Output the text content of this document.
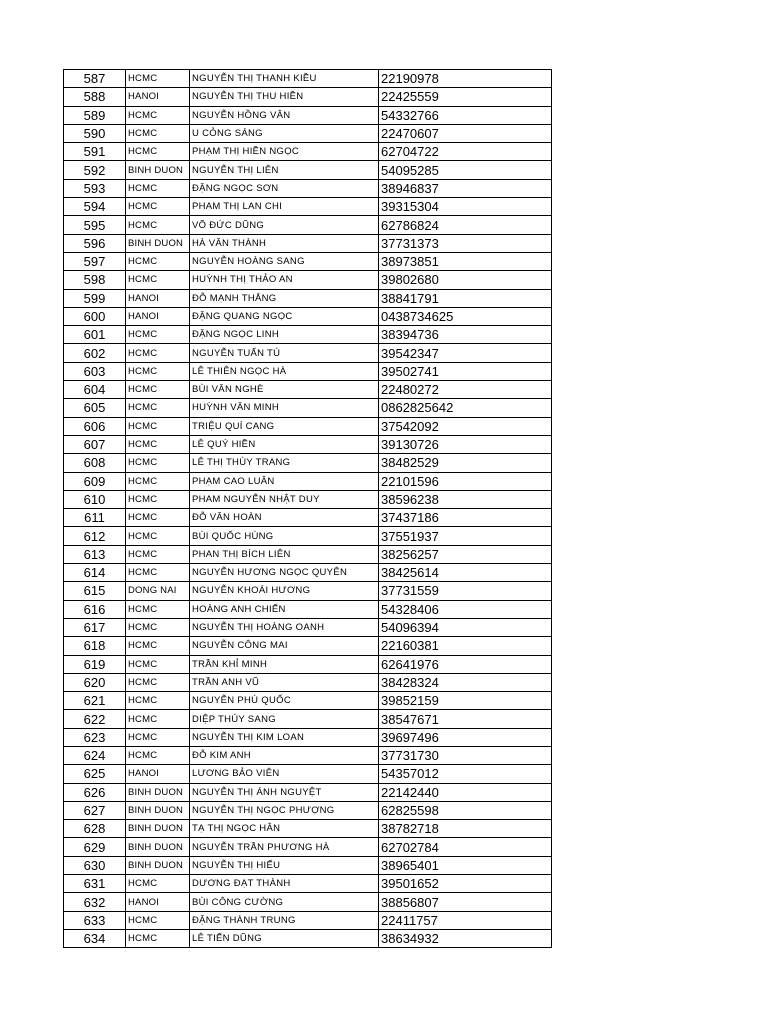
587	HCMC	NGUYỄN THỊ THANH KIỀU	22190978
588	HANOI	NGUYỄN THỊ THU HIỀN	22425559
589	HCMC	NGUYỄN HỒNG VÂN	54332766
590	HCMC	U CỎNG SÁNG	22470607
591	HCMC	PHẠM THỊ HIỀN NGỌC	62704722
592	BINH DUON	NGUYỄN THỊ LIÊN	54095285
593	HCMC	ĐẶNG NGỌC SƠN	38946837
594	HCMC	PHAM THỊ LAN CHI	39315304
595	HCMC	VÕ ĐỨC DŨNG	62786824
596	BINH DUON	HÀ VĂN THÀNH	37731373
597	HCMC	NGUYỄN HOÀNG SANG	38973851
598	HCMC	HUỲNH THỊ THẢO AN	39802680
599	HANOI	ĐỖ MẠNH THẮNG	38841791
600	HANOI	ĐẶNG QUANG NGỌC	0438734625
601	HCMC	ĐẶNG NGỌC LINH	38394736
602	HCMC	NGUYỄN TUẤN TÚ	39542347
603	HCMC	LÊ THIÊN NGỌC HÀ	39502741
604	HCMC	BÙI VĂN NGHÈ	22480272
605	HCMC	HUỲNH VĂN MINH	0862825642
606	HCMC	TRIỆU QUÍ CANG	37542092
607	HCMC	LÊ QUÝ HIỀN	39130726
608	HCMC	LÊ THỊ THÙY TRANG	38482529
609	HCMC	PHẠM CAO LUÂN	22101596
610	HCMC	PHAM NGUYỄN NHẬT DUY	38596238
611	HCMC	ĐỖ VĂN HOÀN	37437186
612	HCMC	BÙI QUỐC HÙNG	37551937
613	HCMC	PHAN THỊ BÍCH LIÊN	38256257
614	HCMC	NGUYỄN HƯƠNG NGỌC QUYÊN	38425614
615	DONG NAI	NGUYỄN KHOÁI HƯƠNG	37731559
616	HCMC	HOÀNG ANH CHIẾN	54328406
617	HCMC	NGUYỄN THỊ HOÀNG OANH	54096394
618	HCMC	NGUYỄN CÔNG MAI	22160381
619	HCMC	TRẦN KHỈ MINH	62641976
620	HCMC	TRẦN ANH VŨ	38428324
621	HCMC	NGUYỄN PHÚ QUỐC	39852159
622	HCMC	DIỆP THÚY SANG	38547671
623	HCMC	NGUYỄN THỊ KIM LOAN	39697496
624	HCMC	ĐỖ KIM ANH	37731730
625	HANOI	LƯƠNG BẢO VIÊN	54357012
626	BINH DUON	NGUYỄN THỊ ÁNH NGUYỆT	22142440
627	BINH DUON	NGUYỄN THỊ NGỌC PHƯỢNG	62825598
628	BINH DUON	TẠ THỊ NGỌC HÂN	38782718
629	BINH DUON	NGUYỄN TRẦN PHƯƠNG HÀ	62702784
630	BINH DUON	NGUYỄN THỊ HIẾU	38965401
631	HCMC	DƯƠNG ĐẠT THÀNH	39501652
632	HANOI	BÙI CÔNG CƯỜNG	38856807
633	HCMC	ĐẶNG THÀNH TRUNG	22411757
634	HCMC	LÊ TIẾN DŨNG	38634932
